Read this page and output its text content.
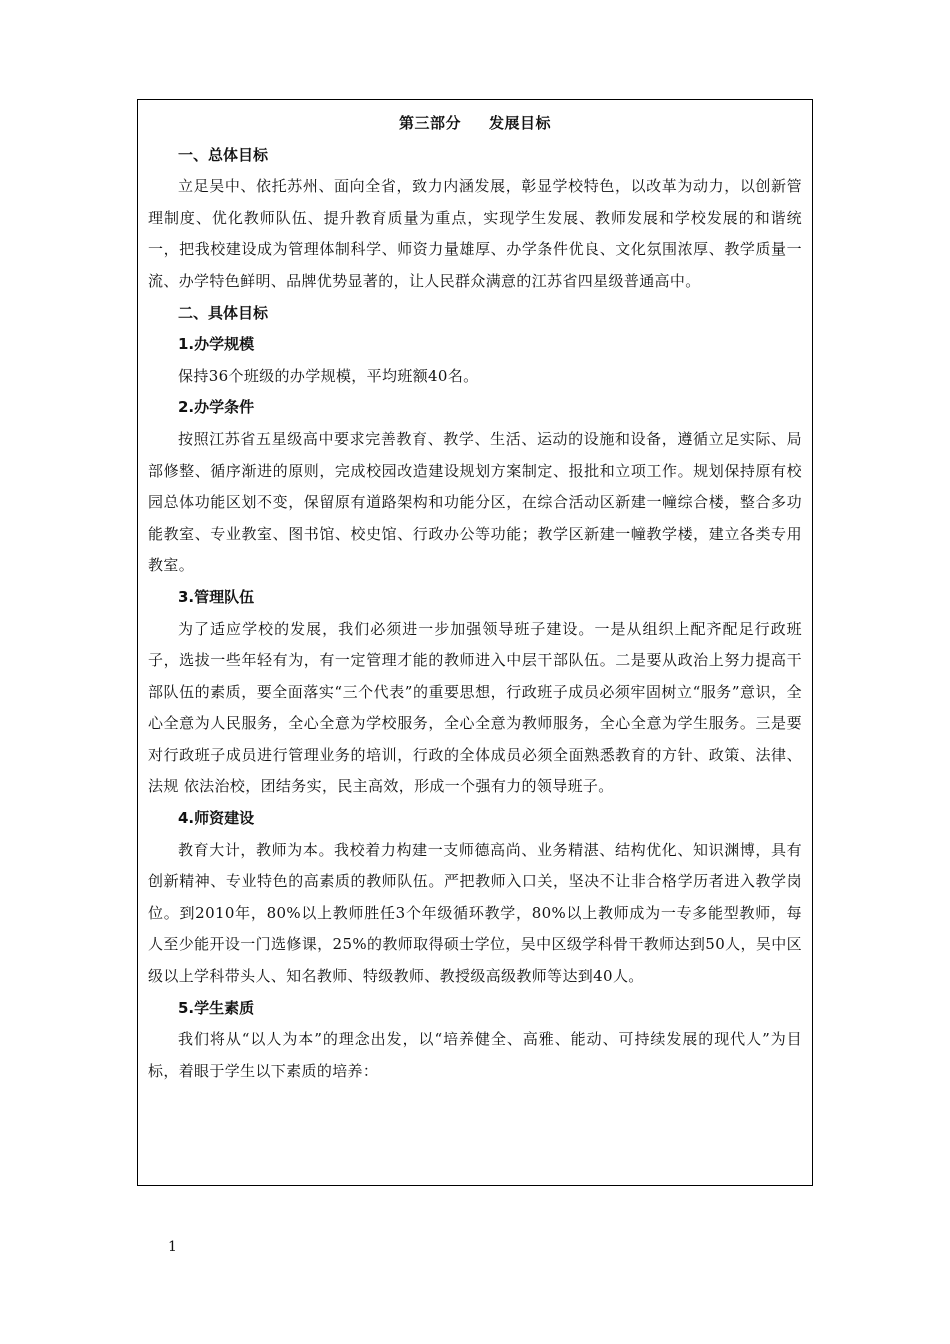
第三部分 发展目标

一、总体目标

立足吴中、依托苏州、面向全省，致力内涵发展，彰显学校特色，以改革为动力，以创新管理制度、优化教师队伍、提升教育质量为重点，实现学生发展、教师发展和学校发展的和谐统一，把我校建设成为管理体制科学、师资力量雄厚、办学条件优良、文化氛围浓厚、教学质量一流、办学特色鲜明、品牌优势显著的，让人民群众满意的江苏省四星级普通高中。

二、具体目标

1.办学规模

保持36个班级的办学规模，平均班额40名。

2.办学条件

按照江苏省五星级高中要求完善教育、教学、生活、运动的设施和设备，遵循立足实际、局部修整、循序渐进的原则，完成校园改造建设规划方案制定、报批和立项工作。规划保持原有校园总体功能区划不变，保留原有道路架构和功能分区，在综合活动区新建一幢综合楼，整合多功能教室、专业教室、图书馆、校史馆、行政办公等功能；教学区新建一幢教学楼，建立各类专用教室。

3.管理队伍

为了适应学校的发展，我们必须进一步加强领导班子建设。一是从组织上配齐配足行政班子，选拔一些年轻有为，有一定管理才能的教师进入中层干部队伍。二是要从政治上努力提高干部队伍的素质，要全面落实“三个代表”的重要思想，行政班子成员必须牢固树立“服务”意识，全心全意为人民服务，全心全意为学校服务，全心全意为教师服务，全心全意为学生服务。三是要对行政班子成员进行管理业务的培训，行政的全体成员必须全面熟悉教育的方针、政策、法律、法规 依法治校，团结务实，民主高效，形成一个强有力的领导班子。

4.师资建设

教育大计，教师为本。我校着力构建一支师德高尚、业务精湛、结构优化、知识渊博，具有创新精神、专业特色的高素质的教师队伍。严把教师入口关，坚决不让非合格学历者进入教学岗位。到2010年，80%以上教师胜任3个年级循环教学，80%以上教师成为一专多能型教师，每人至少能开设一门选修课，25%的教师取得硕士学位，吴中区级学科骨干教师达到50人，吴中区级以上学科带头人、知名教师、特级教师、教授级高级教师等达到40人。

5.学生素质

我们将从“以人为本”的理念出发，以“培养健全、高雅、能动、可持续发展的现代人”为目标，着眼于学生以下素质的培养：

1
